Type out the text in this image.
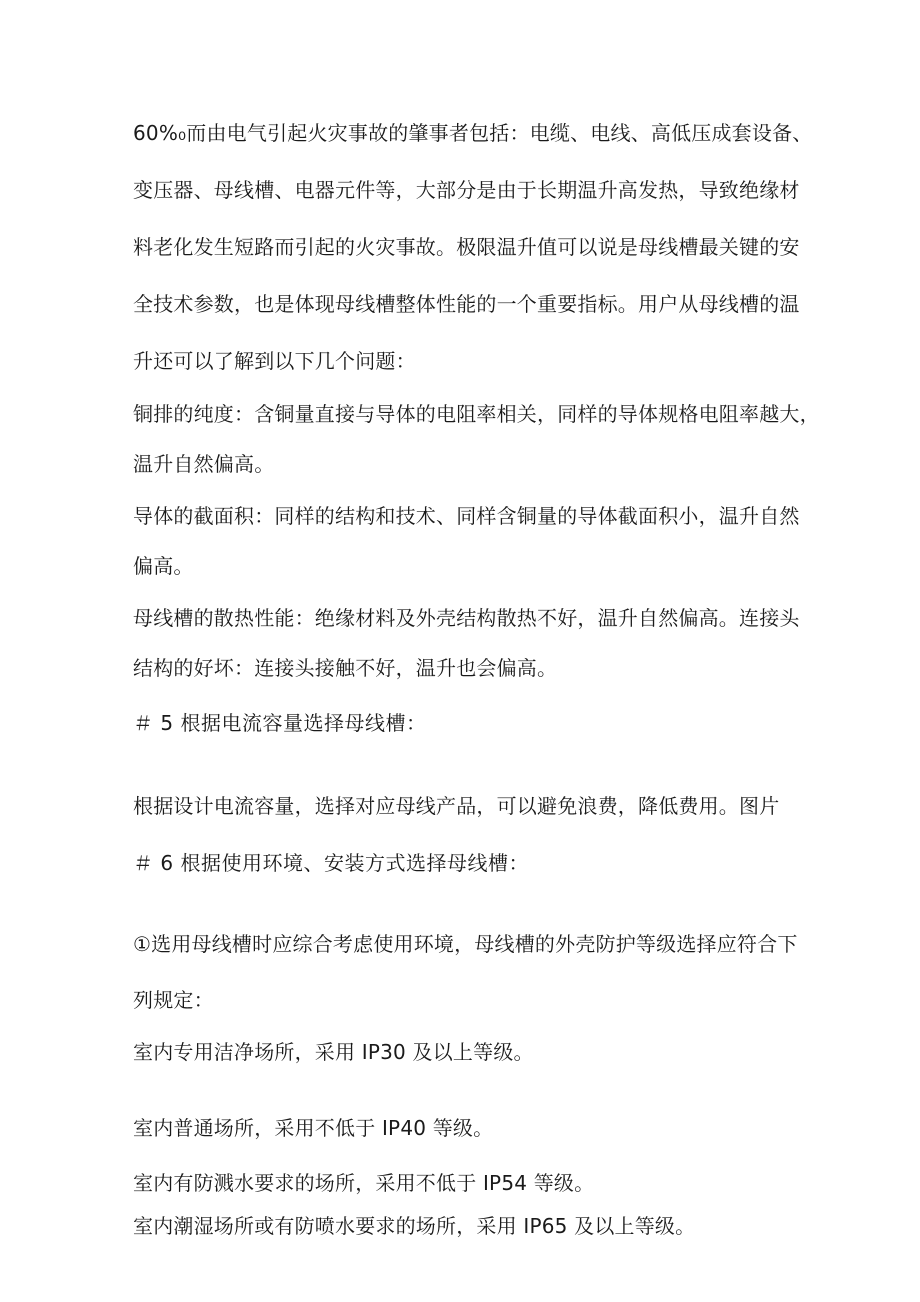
60%₀而由电气引起火灾事故的肇事者包括：电缆、电线、高低压成套设备、
变压器、母线槽、电器元件等，大部分是由于长期温升高发热，导致绝缘材
料老化发生短路而引起的火灾事故。极限温升值可以说是母线槽最关键的安
全技术参数，也是体现母线槽整体性能的一个重要指标。用户从母线槽的温
升还可以了解到以下几个问题：
铜排的纯度：含铜量直接与导体的电阻率相关，同样的导体规格电阻率越大，
温升自然偏高。
导体的截面积：同样的结构和技术、同样含铜量的导体截面积小，温升自然
偏高。
母线槽的散热性能：绝缘材料及外壳结构散热不好，温升自然偏高。连接头
结构的好坏：连接头接触不好，温升也会偏高。
＃ 5 根据电流容量选择母线槽：
根据设计电流容量，选择对应母线产品，可以避免浪费，降低费用。图片
＃ 6 根据使用环境、安装方式选择母线槽：
①选用母线槽时应综合考虑使用环境，母线槽的外壳防护等级选择应符合下
列规定：
室内专用洁净场所，采用 IP30 及以上等级。
室内普通场所，采用不低于 IP40 等级。
室内有防溅水要求的场所，采用不低于 IP54 等级。
室内潮湿场所或有防喷水要求的场所，采用 IP65 及以上等级。
